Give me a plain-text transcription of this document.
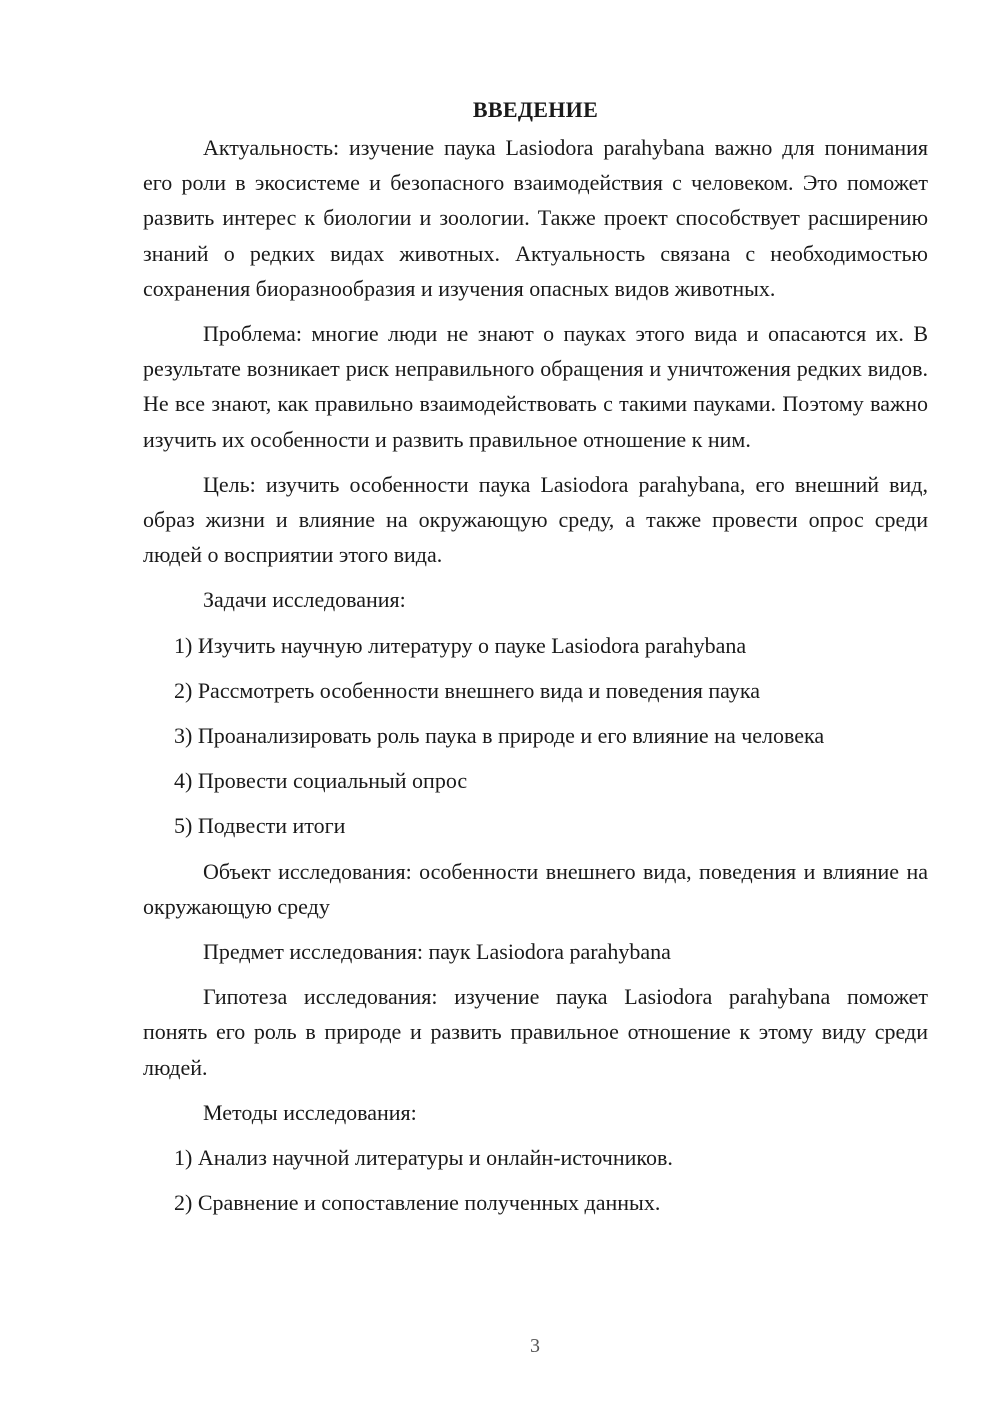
ВВЕДЕНИЕ

Актуальность: изучение паука Lasiodora parahybana важно для понимания его роли в экосистеме и безопасного взаимодействия с человеком. Это поможет развить интерес к биологии и зоологии. Также проект способствует расширению знаний о редких видах животных. Актуальность связана с необходимостью сохранения биоразнообразия и изучения опасных видов животных.

Проблема: многие люди не знают о пауках этого вида и опасаются их. В результате возникает риск неправильного обращения и уничтожения редких видов. Не все знают, как правильно взаимодействовать с такими пауками. Поэтому важно изучить их особенности и развить правильное отношение к ним.

Цель: изучить особенности паука Lasiodora parahybana, его внешний вид, образ жизни и влияние на окружающую среду, а также провести опрос среди людей о восприятии этого вида.

Задачи исследования:

1) Изучить научную литературу о пауке Lasiodora parahybana

2) Рассмотреть особенности внешнего вида и поведения паука

3) Проанализировать роль паука в природе и его влияние на человека

4) Провести социальный опрос

5) Подвести итоги

Объект исследования: особенности внешнего вида, поведения и влияние на окружающую среду

Предмет исследования: паук Lasiodora parahybana

Гипотеза исследования: изучение паука Lasiodora parahybana поможет понять его роль в природе и развить правильное отношение к этому виду среди людей.

Методы исследования:

1) Анализ научной литературы и онлайн-источников.

2) Сравнение и сопоставление полученных данных.

3
